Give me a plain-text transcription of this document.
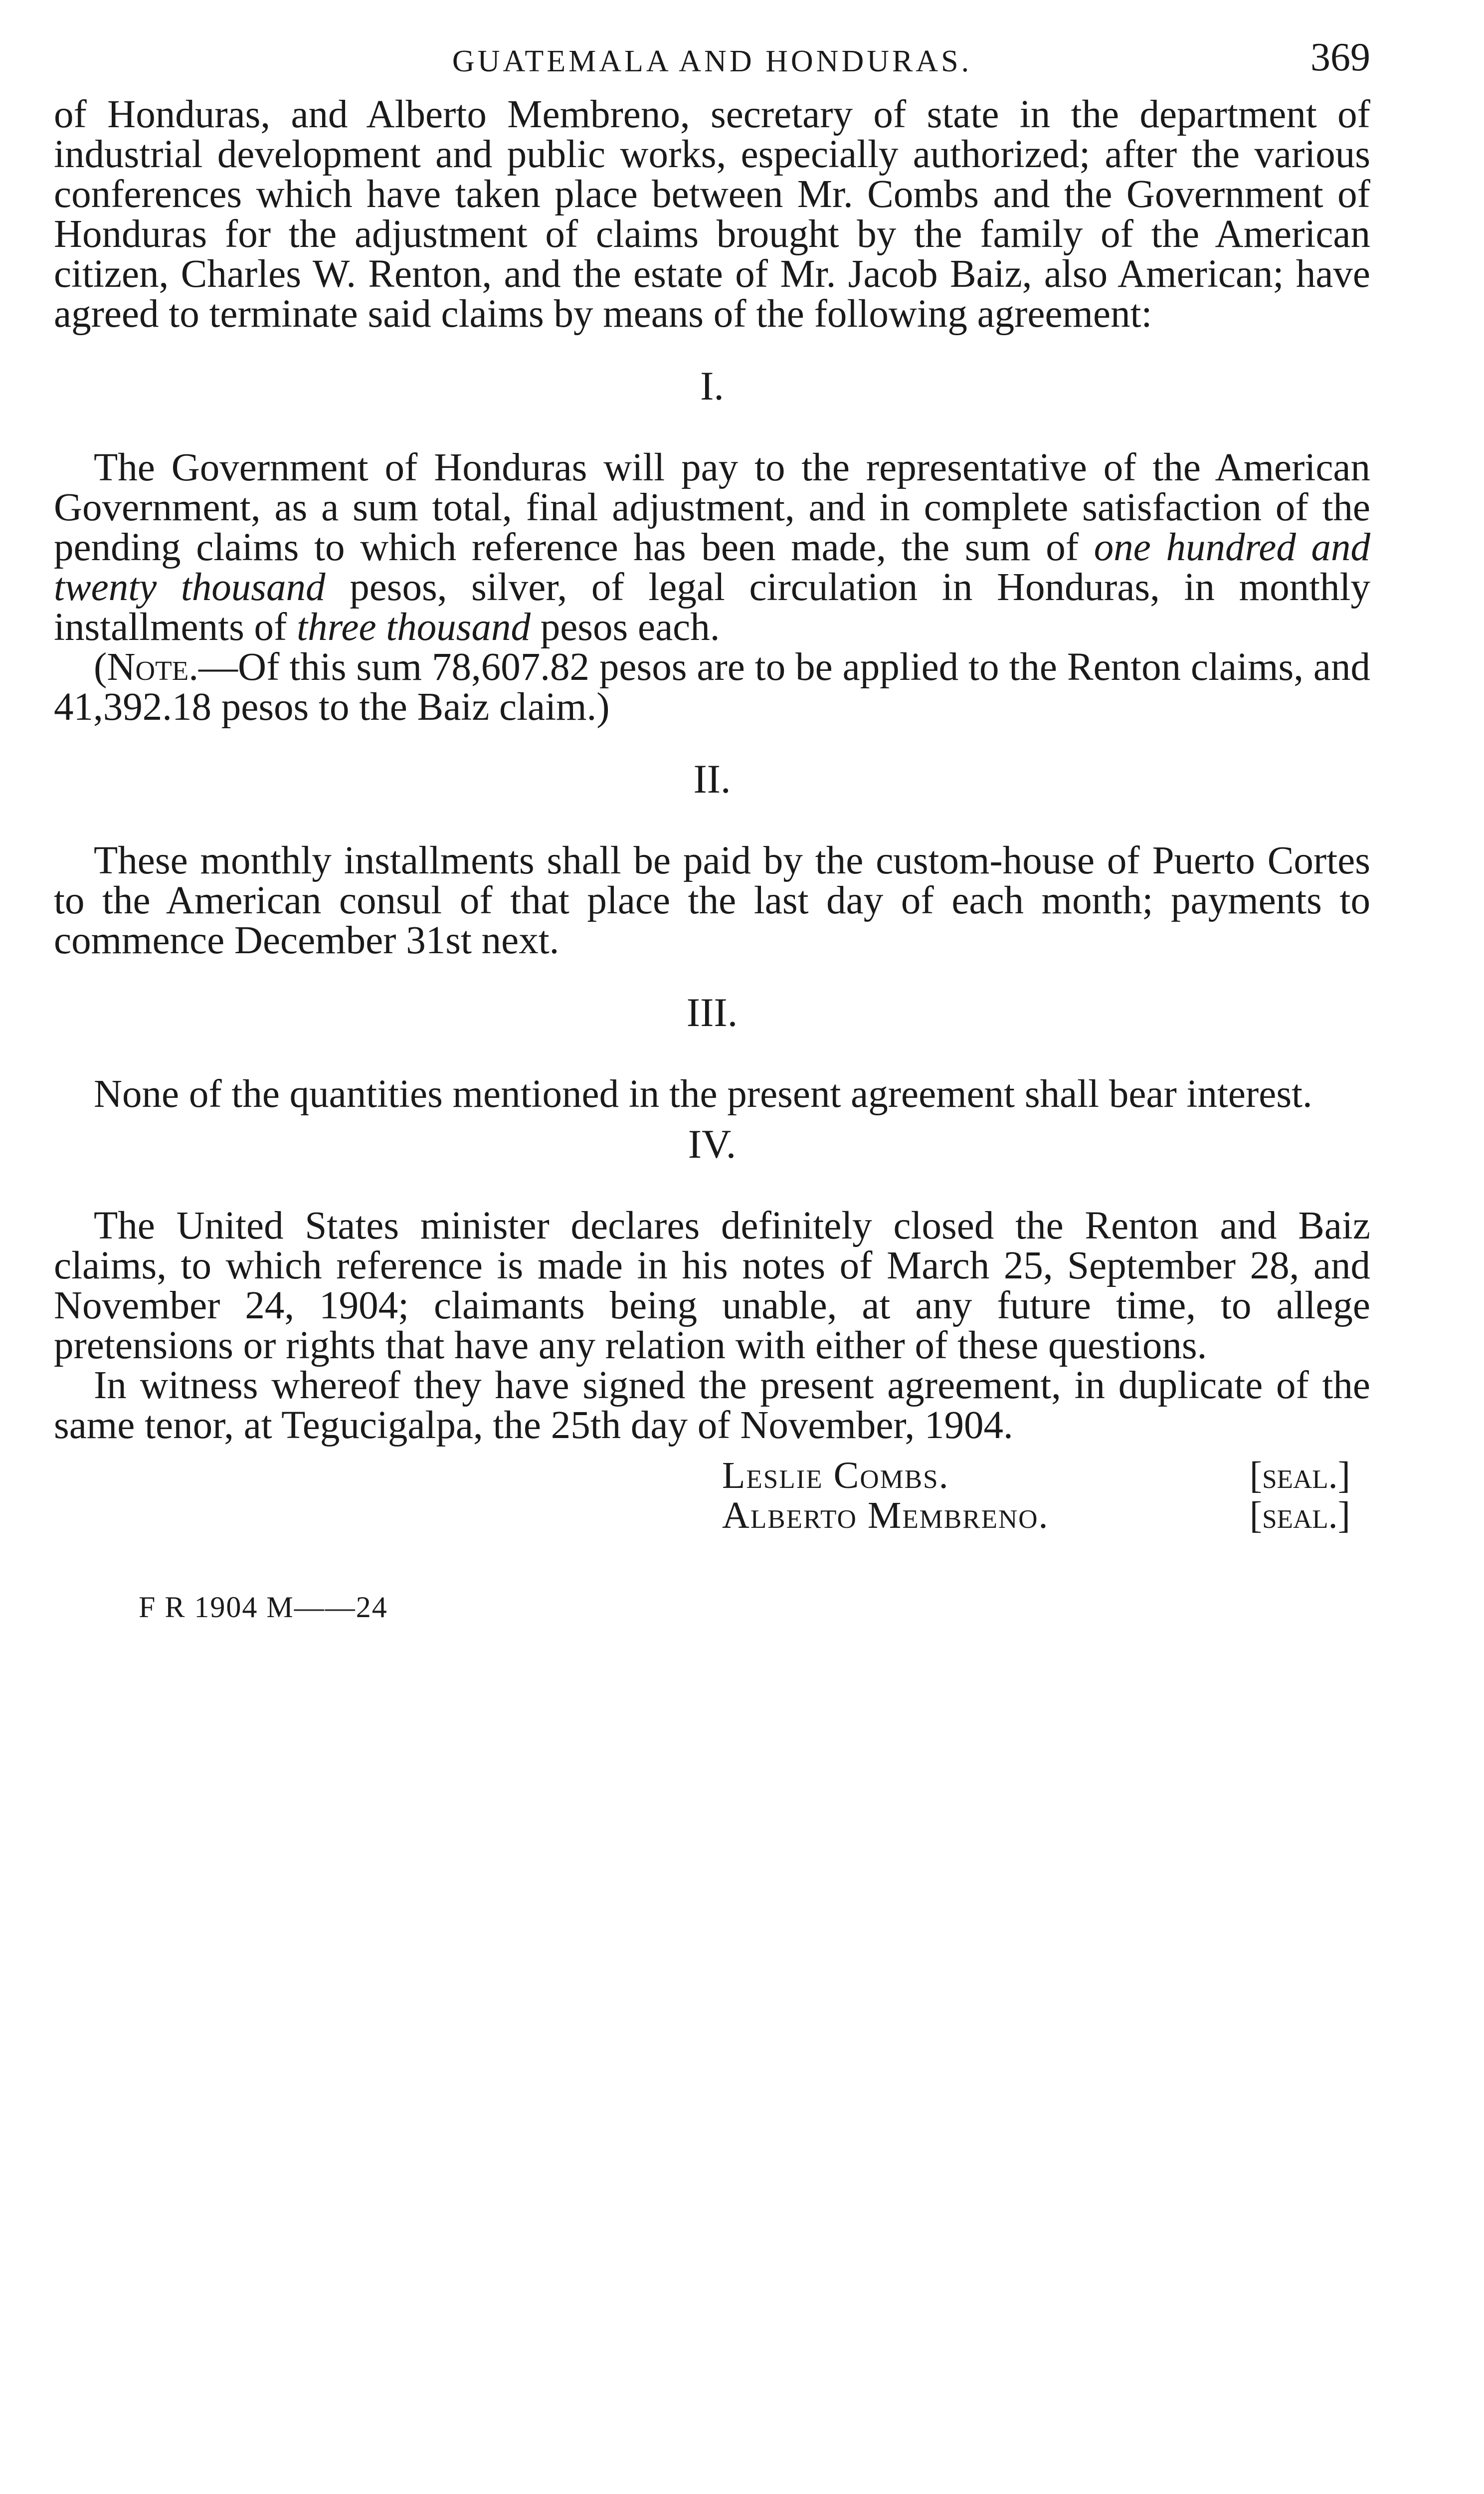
GUATEMALA AND HONDURAS.	369

of Honduras, and Alberto Membreno, secretary of state in the department of industrial development and public works, especially authorized; after the various conferences which have taken place between Mr. Combs and the Government of Honduras for the adjustment of claims brought by the family of the American citizen, Charles W. Renton, and the estate of Mr. Jacob Baiz, also American; have agreed to terminate said claims by means of the following agreement:

I.

The Government of Honduras will pay to the representative of the American Government, as a sum total, final adjustment, and in complete satisfaction of the pending claims to which reference has been made, the sum of one hundred and twenty thousand pesos, silver, of legal circulation in Honduras, in monthly installments of three thousand pesos each.

(Note.—Of this sum 78,607.82 pesos are to be applied to the Renton claims, and 41,392.18 pesos to the Baiz claim.)

II.

These monthly installments shall be paid by the custom-house of Puerto Cortes to the American consul of that place the last day of each month; payments to commence December 31st next.

III.

None of the quantities mentioned in the present agreement shall bear interest.

IV.

The United States minister declares definitely closed the Renton and Baiz claims, to which reference is made in his notes of March 25, September 28, and November 24, 1904; claimants being unable, at any future time, to allege pretensions or rights that have any relation with either of these questions.

In witness whereof they have signed the present agreement, in duplicate of the same tenor, at Tegucigalpa, the 25th day of November, 1904.

Leslie Combs.	[seal.]
Alberto Membreno.	[seal.]
F R 1904 M——24
